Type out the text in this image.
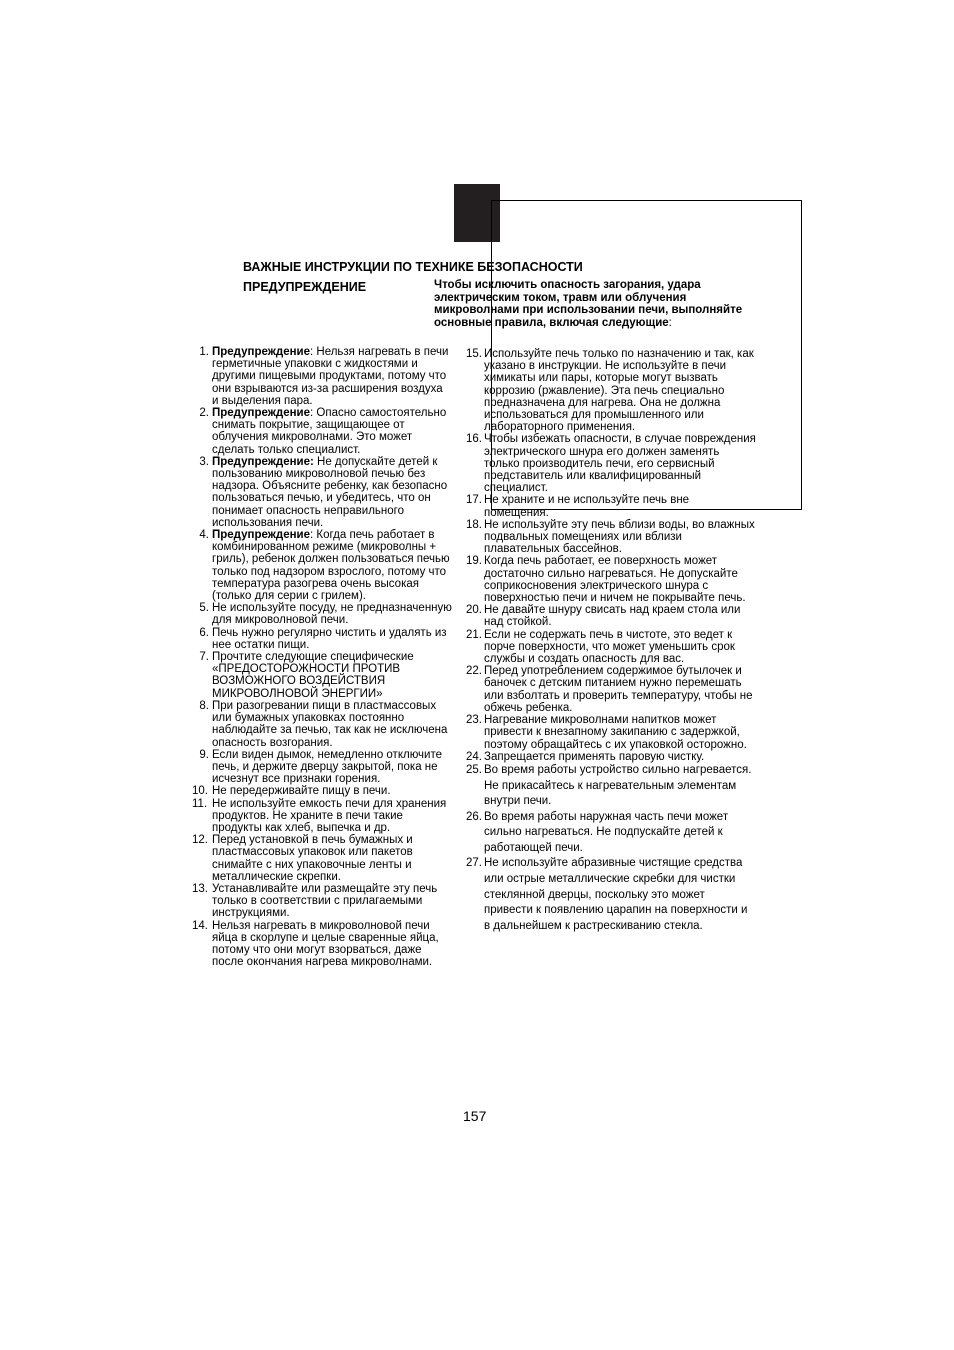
ВАЖНЫЕ ИНСТРУКЦИИ ПО ТЕХНИКЕ БЕЗОПАСНОСТИ
ПРЕДУПРЕЖДЕНИЕ	Чтобы исключить опасность загорания, удара электрическим током, травм или облучения микроволнами при использовании печи, выполняйте основные правила, включая следующие:
1. Предупреждение: Нельзя нагревать в печи герметичные упаковки с жидкостями и другими пищевыми продуктами, потому что они взрываются из-за расширения воздуха и выделения пара.
2. Предупреждение: Опасно самостоятельно снимать покрытие, защищающее от облучения микроволнами. Это может сделать только специалист.
3. Предупреждение: Не допускайте детей к пользованию микроволновой печью без надзора. Объясните ребенку, как безопасно пользоваться печью, и убедитесь, что он понимает опасность неправильного использования печи.
4. Предупреждение: Когда печь работает в комбинированном режиме (микроволны + гриль), ребенок должен пользоваться печью только под надзором взрослого, потому что температура разогрева очень высокая (только для серии с грилем).
5. Не используйте посуду, не предназначенную для микроволновой печи.
6. Печь нужно регулярно чистить и удалять из нее остатки пищи.
7. Прочтите следующие специфические «ПРЕДОСТОРОЖНОСТИ ПРОТИВ ВОЗМОЖНОГО ВОЗДЕЙСТВИЯ МИКРОВОЛНОВОЙ ЭНЕРГИИ»
8. При разогревании пищи в пластмассовых или бумажных упаковках постоянно наблюдайте за печью, так как не исключена опасность возгорания.
9. Если виден дымок, немедленно отключите печь, и держите дверцу закрытой, пока не исчезнут все признаки горения.
10. Не передерживайте пищу в печи.
11. Не используйте емкость печи для хранения продуктов. Не храните в печи такие продукты как хлеб, выпечка и др.
12. Перед установкой в печь бумажных и пластмассовых упаковок или пакетов снимайте с них упаковочные ленты и металлические скрепки.
13. Устанавливайте или размещайте эту печь только в соответствии с прилагаемыми инструкциями.
14. Нельзя нагревать в микроволновой печи яйца в скорлупе и целые сваренные яйца, потому что они могут взорваться, даже после окончания нагрева микроволнами.
15. Используйте печь только по назначению и так, как указано в инструкции. Не используйте в печи химикаты или пары, которые могут вызвать коррозию (ржавление). Эта печь специально предназначена для нагрева. Она не должна использоваться для промышленного или лабораторного применения.
16. Чтобы избежать опасности, в случае повреждения электрического шнура его должен заменять только производитель печи, его сервисный представитель или квалифицированный специалист.
17. Не храните и не используйте печь вне помещения.
18. Не используйте эту печь вблизи воды, во влажных подвальных помещениях или вблизи плавательных бассейнов.
19. Когда печь работает, ее поверхность может достаточно сильно нагреваться. Не допускайте соприкосновения электрического шнура с поверхностью печи и ничем не покрывайте печь.
20. Не давайте шнуру свисать над краем стола или над стойкой.
21. Если не содержать печь в чистоте, это ведет к порче поверхности, что может уменьшить срок службы и создать опасность для вас.
22. Перед употреблением содержимое бутылочек и баночек с детским питанием нужно перемешать или взболтать и проверить температуру, чтобы не обжечь ребенка.
23. Нагревание микроволнами напитков может привести к внезапному закипанию с задержкой, поэтому обращайтесь с их упаковкой осторожно.
24. Запрещается применять паровую чистку.
25. Во время работы устройство сильно нагревается. Не прикасайтесь к нагревательным элементам внутри печи.
26. Во время работы наружная часть печи может сильно нагреваться. Не подпускайте детей к работающей печи.
27. Не используйте абразивные чистящие средства или острые металлические скребки для чистки стеклянной дверцы, поскольку это может привести к появлению царапин на поверхности и в дальнейшем к растрескиванию стекла.
157
